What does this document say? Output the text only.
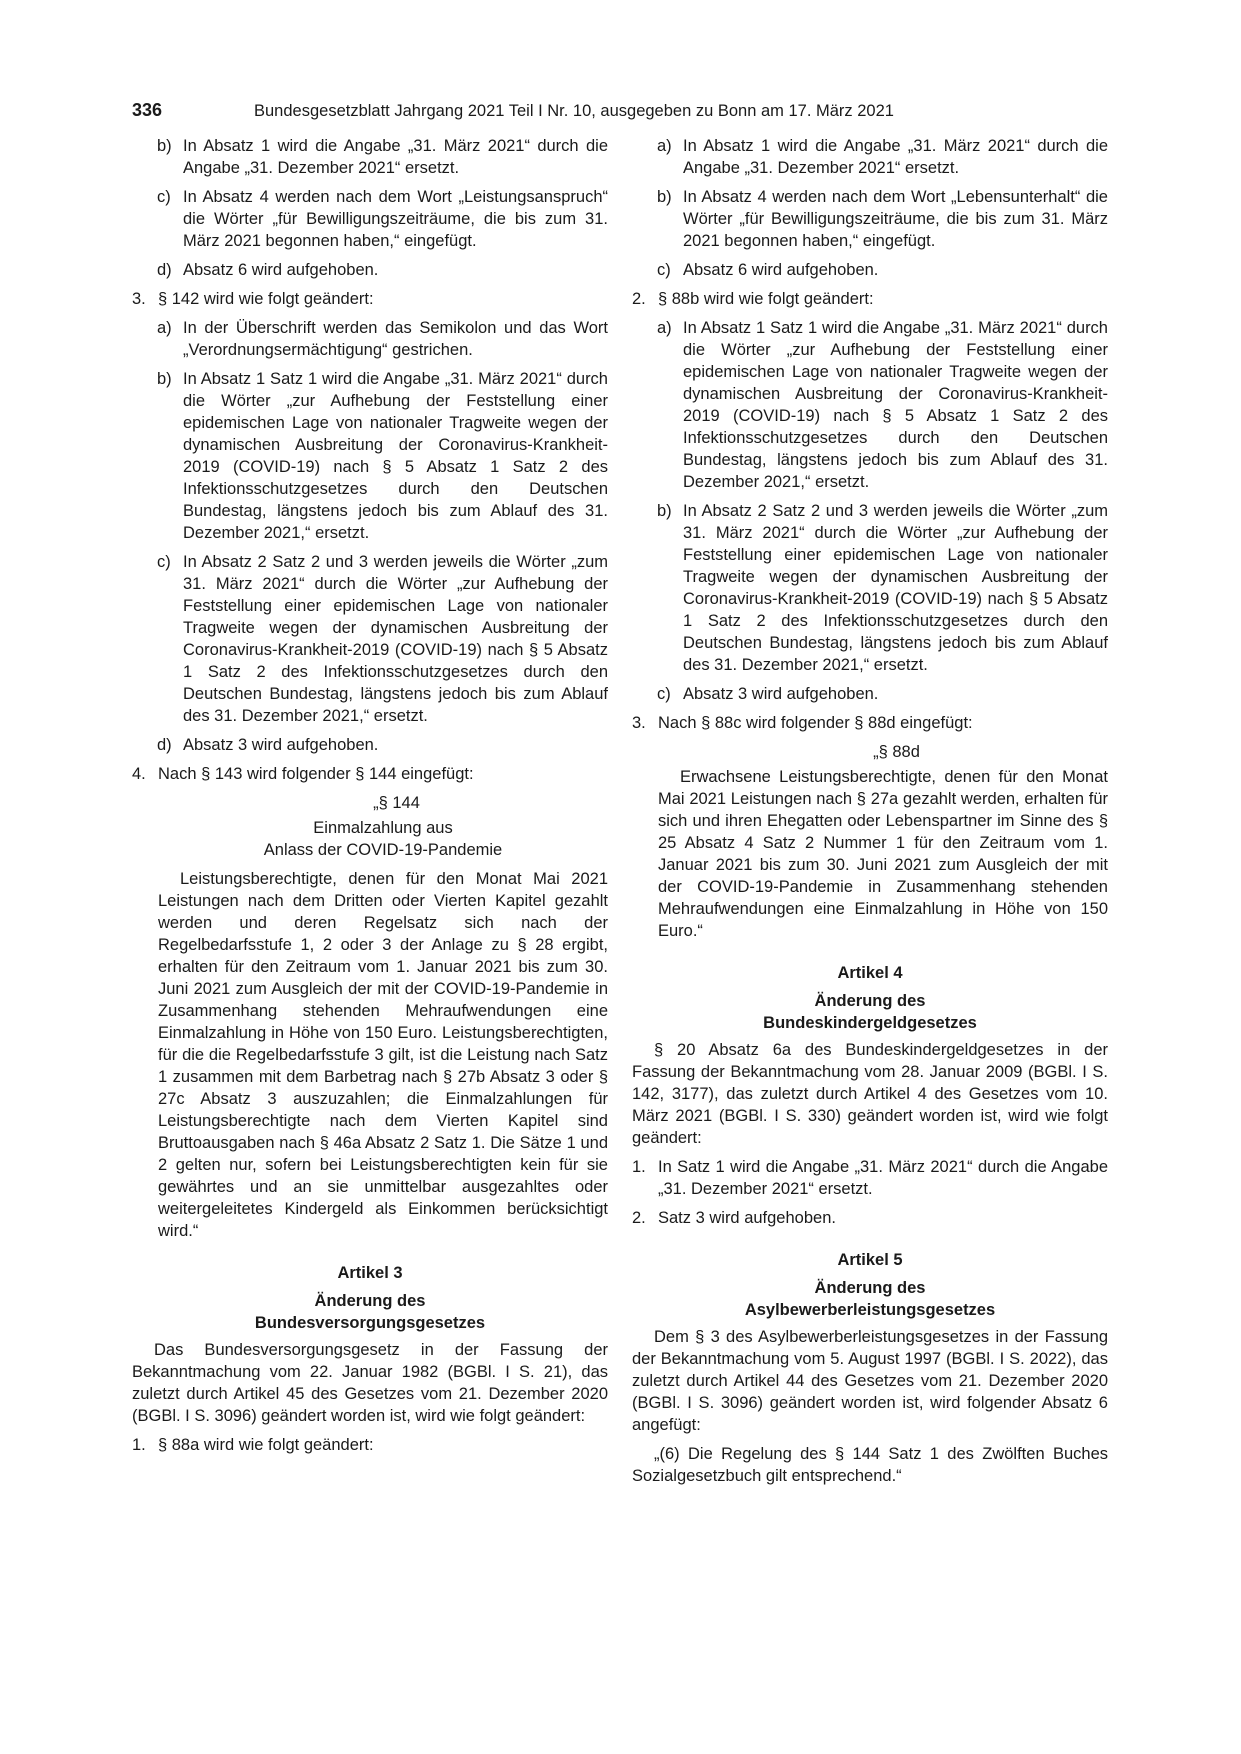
336	Bundesgesetzblatt Jahrgang 2021 Teil I Nr. 10, ausgegeben zu Bonn am 17. März 2021
b) In Absatz 1 wird die Angabe „31. März 2021“ durch die Angabe „31. Dezember 2021“ ersetzt.
c) In Absatz 4 werden nach dem Wort „Leistungsanspruch“ die Wörter „für Bewilligungszeiträume, die bis zum 31. März 2021 begonnen haben,“ eingefügt.
d) Absatz 6 wird aufgehoben.
3. § 142 wird wie folgt geändert:
a) In der Überschrift werden das Semikolon und das Wort „Verordnungsermächtigung“ gestrichen.
b) In Absatz 1 Satz 1 wird die Angabe „31. März 2021“ durch die Wörter „zur Aufhebung der Feststellung einer epidemischen Lage von nationaler Tragweite wegen der dynamischen Ausbreitung der Coronavirus-Krankheit-2019 (COVID-19) nach § 5 Absatz 1 Satz 2 des Infektionsschutzgesetzes durch den Deutschen Bundestag, längstens jedoch bis zum Ablauf des 31. Dezember 2021,“ ersetzt.
c) In Absatz 2 Satz 2 und 3 werden jeweils die Wörter „zum 31. März 2021“ durch die Wörter „zur Aufhebung der Feststellung einer epidemischen Lage von nationaler Tragweite wegen der dynamischen Ausbreitung der Coronavirus-Krankheit-2019 (COVID-19) nach § 5 Absatz 1 Satz 2 des Infektionsschutzgesetzes durch den Deutschen Bundestag, längstens jedoch bis zum Ablauf des 31. Dezember 2021,“ ersetzt.
d) Absatz 3 wird aufgehoben.
4. Nach § 143 wird folgender § 144 eingefügt:
„§ 144
Einmalzahlung aus
Anlass der COVID-19-Pandemie
Leistungsberechtigte, denen für den Monat Mai 2021 Leistungen nach dem Dritten oder Vierten Kapitel gezahlt werden und deren Regelsatz sich nach der Regelbedarfsstufe 1, 2 oder 3 der Anlage zu § 28 ergibt, erhalten für den Zeitraum vom 1. Januar 2021 bis zum 30. Juni 2021 zum Ausgleich der mit der COVID-19-Pandemie in Zusammenhang stehenden Mehraufwendungen eine Einmalzahlung in Höhe von 150 Euro. Leistungsberechtigten, für die die Regelbedarfsstufe 3 gilt, ist die Leistung nach Satz 1 zusammen mit dem Barbetrag nach § 27b Absatz 3 oder § 27c Absatz 3 auszuzahlen; die Einmalzahlungen für Leistungsberechtigte nach dem Vierten Kapitel sind Bruttoausgaben nach § 46a Absatz 2 Satz 1. Die Sätze 1 und 2 gelten nur, sofern bei Leistungsberechtigten kein für sie gewährtes und an sie unmittelbar ausgezahltes oder weitergeleitetes Kindergeld als Einkommen berücksichtigt wird.“
Artikel 3
Änderung des
Bundesversorgungsgesetzes
Das Bundesversorgungsgesetz in der Fassung der Bekanntmachung vom 22. Januar 1982 (BGBl. I S. 21), das zuletzt durch Artikel 45 des Gesetzes vom 21. Dezember 2020 (BGBl. I S. 3096) geändert worden ist, wird wie folgt geändert:
1. § 88a wird wie folgt geändert:
a) In Absatz 1 wird die Angabe „31. März 2021“ durch die Angabe „31. Dezember 2021“ ersetzt.
b) In Absatz 4 werden nach dem Wort „Lebensunterhalt“ die Wörter „für Bewilligungszeiträume, die bis zum 31. März 2021 begonnen haben,“ eingefügt.
c) Absatz 6 wird aufgehoben.
2. § 88b wird wie folgt geändert:
a) In Absatz 1 Satz 1 wird die Angabe „31. März 2021“ durch die Wörter „zur Aufhebung der Feststellung einer epidemischen Lage von nationaler Tragweite wegen der dynamischen Ausbreitung der Coronavirus-Krankheit-2019 (COVID-19) nach § 5 Absatz 1 Satz 2 des Infektionsschutzgesetzes durch den Deutschen Bundestag, längstens jedoch bis zum Ablauf des 31. Dezember 2021,“ ersetzt.
b) In Absatz 2 Satz 2 und 3 werden jeweils die Wörter „zum 31. März 2021“ durch die Wörter „zur Aufhebung der Feststellung einer epidemischen Lage von nationaler Tragweite wegen der dynamischen Ausbreitung der Coronavirus-Krankheit-2019 (COVID-19) nach § 5 Absatz 1 Satz 2 des Infektionsschutzgesetzes durch den Deutschen Bundestag, längstens jedoch bis zum Ablauf des 31. Dezember 2021,“ ersetzt.
c) Absatz 3 wird aufgehoben.
3. Nach § 88c wird folgender § 88d eingefügt:
„§ 88d
Erwachsene Leistungsberechtigte, denen für den Monat Mai 2021 Leistungen nach § 27a gezahlt werden, erhalten für sich und ihren Ehegatten oder Lebenspartner im Sinne des § 25 Absatz 4 Satz 2 Nummer 1 für den Zeitraum vom 1. Januar 2021 bis zum 30. Juni 2021 zum Ausgleich der mit der COVID-19-Pandemie in Zusammenhang stehenden Mehraufwendungen eine Einmalzahlung in Höhe von 150 Euro.“
Artikel 4
Änderung des
Bundeskindergeldgesetzes
§ 20 Absatz 6a des Bundeskindergeldgesetzes in der Fassung der Bekanntmachung vom 28. Januar 2009 (BGBl. I S. 142, 3177), das zuletzt durch Artikel 4 des Gesetzes vom 10. März 2021 (BGBl. I S. 330) geändert worden ist, wird wie folgt geändert:
1. In Satz 1 wird die Angabe „31. März 2021“ durch die Angabe „31. Dezember 2021“ ersetzt.
2. Satz 3 wird aufgehoben.
Artikel 5
Änderung des
Asylbewerberleistungsgesetzes
Dem § 3 des Asylbewerberleistungsgesetzes in der Fassung der Bekanntmachung vom 5. August 1997 (BGBl. I S. 2022), das zuletzt durch Artikel 44 des Gesetzes vom 21. Dezember 2020 (BGBl. I S. 3096) geändert worden ist, wird folgender Absatz 6 angefügt:
„(6) Die Regelung des § 144 Satz 1 des Zwölften Buches Sozialgesetzbuch gilt entsprechend.“
